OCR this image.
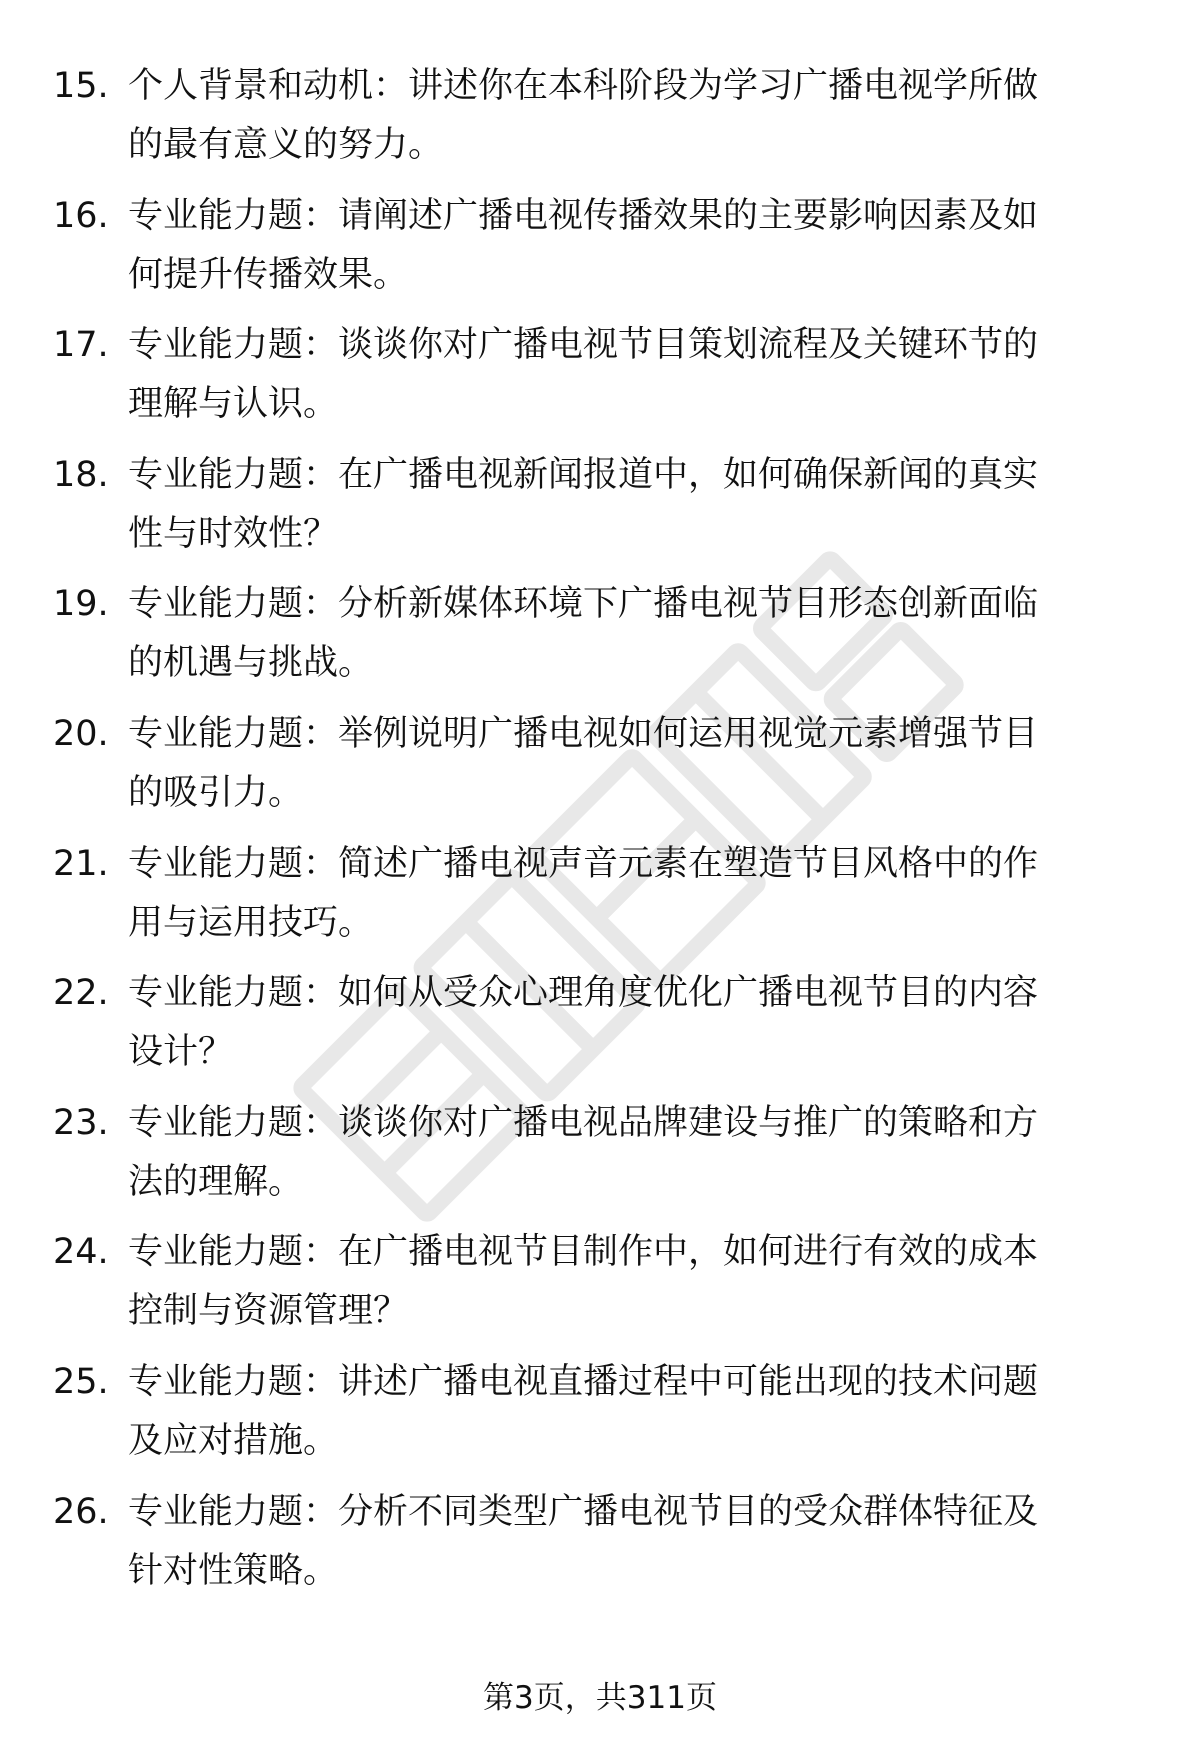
15. 个人背景和动机：讲述你在本科阶段为学习广播电视学所做的最有意义的努力。
16. 专业能力题：请阐述广播电视传播效果的主要影响因素及如何提升传播效果。
17. 专业能力题：谈谈你对广播电视节目策划流程及关键环节的理解与认识。
18. 专业能力题：在广播电视新闻报道中，如何确保新闻的真实性与时效性？
19. 专业能力题：分析新媒体环境下广播电视节目形态创新面临的机遇与挑战。
20. 专业能力题：举例说明广播电视如何运用视觉元素增强节目的吸引力。
21. 专业能力题：简述广播电视声音元素在塑造节目风格中的作用与运用技巧。
22. 专业能力题：如何从受众心理角度优化广播电视节目的内容设计？
23. 专业能力题：谈谈你对广播电视品牌建设与推广的策略和方法的理解。
24. 专业能力题：在广播电视节目制作中，如何进行有效的成本控制与资源管理？
25. 专业能力题：讲述广播电视直播过程中可能出现的技术问题及应对措施。
26. 专业能力题：分析不同类型广播电视节目的受众群体特征及针对性策略。
第3页，共311页
